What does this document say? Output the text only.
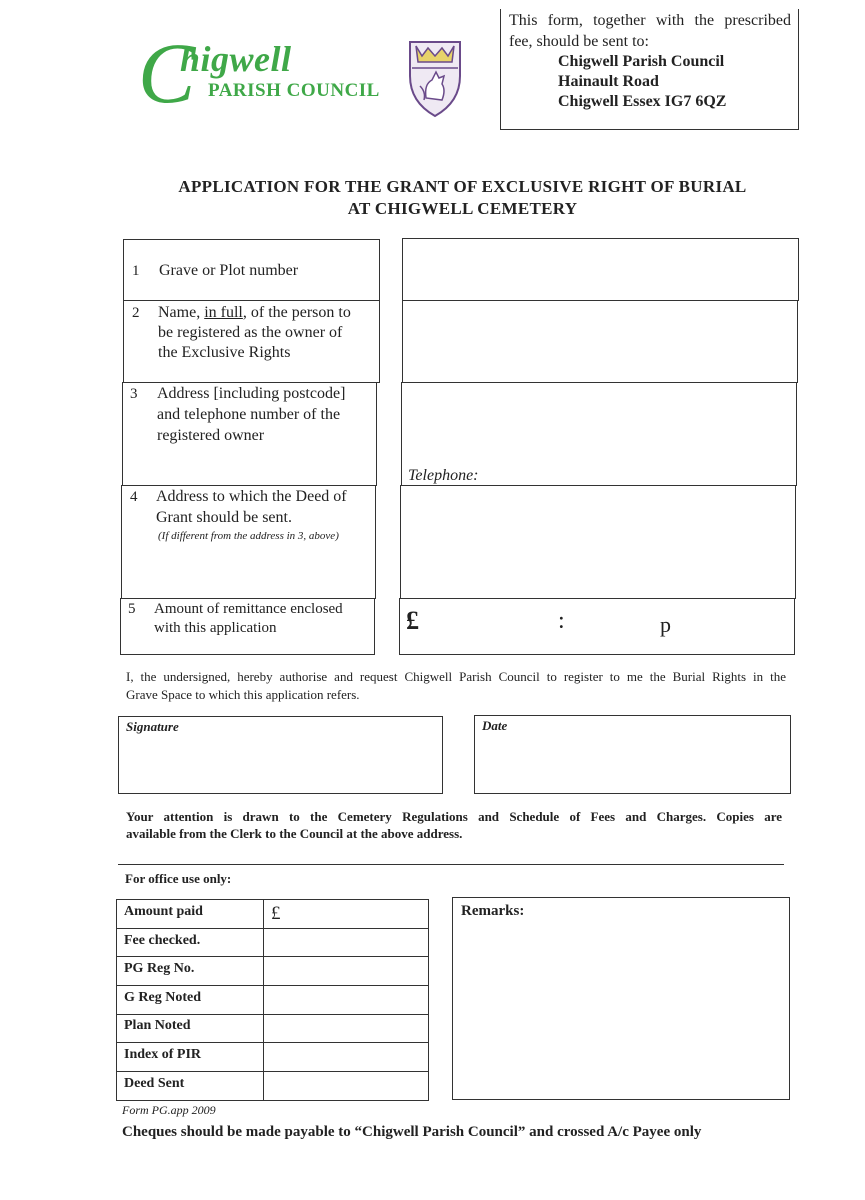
C
higwell
PARISH COUNCIL
This form, together with the prescribed
fee, should be sent to:
Chigwell Parish Council
Hainault Road
Chigwell Essex IG7 6QZ
APPLICATION FOR THE GRANT OF EXCLUSIVE RIGHT OF BURIAL
AT CHIGWELL CEMETERY
1 Grave or Plot number
2 Name, in full, of the person to
be registered as the owner of
the Exclusive Rights
3 Address [including postcode]
and telephone number of the
registered owner
Telephone:
4 Address to which the Deed of
Grant should be sent.
(If different from the address in 3, above)
5 Amount of remittance enclosed
with this application	£	:	p
I, the undersigned, hereby authorise and request Chigwell Parish Council to register to me the Burial Rights in the
Grave Space to which this application refers.
Signature	Date
Your attention is drawn to the Cemetery Regulations and Schedule of Fees and Charges. Copies are
available from the Clerk to the Council at the above address.
For office use only:
Amount paid	£
Fee checked.
PG Reg No.
G Reg Noted
Plan Noted
Index of PIR
Deed Sent
Remarks:
Form PG.app 2009
Cheques should be made payable to “Chigwell Parish Council” and crossed A/c Payee only
